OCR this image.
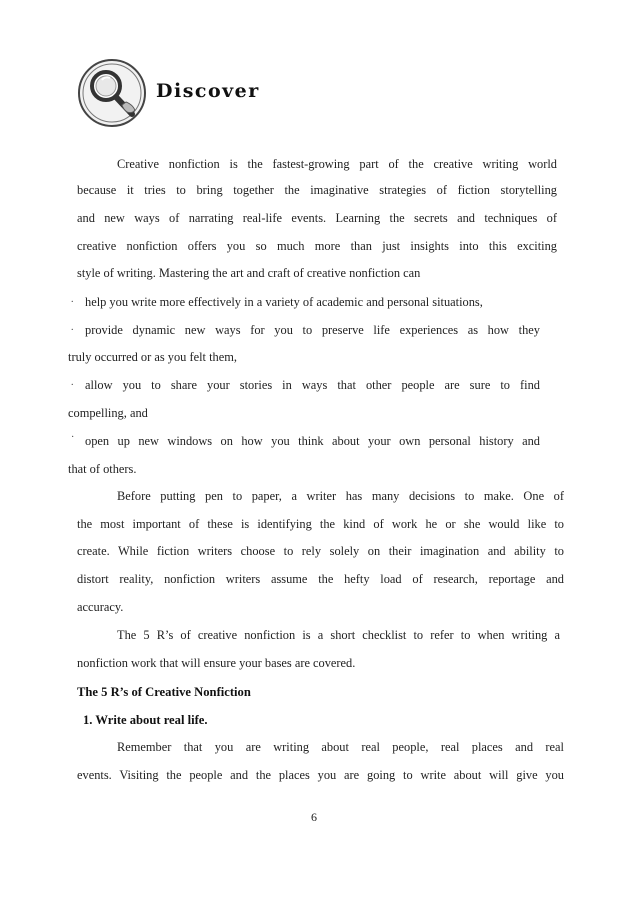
Discover
Creative nonfiction is the fastest-growing part of the creative writing world
because it tries to bring together the imaginative strategies of fiction storytelling
and new ways of narrating real-life events. Learning the secrets and techniques of
creative nonfiction offers you so much more than just insights into this exciting
style of writing. Mastering the art and craft of creative nonfiction can
. help you write more effectively in a variety of academic and personal situations,
. provide dynamic new ways for you to preserve life experiences as how they
truly occurred or as you felt them,
. allow you to share your stories in ways that other people are sure to find
compelling, and
· open up new windows on how you think about your own personal history and
that of others.
Before putting pen to paper, a writer has many decisions to make. One of
the most important of these is identifying the kind of work he or she would like to
create. While fiction writers choose to rely solely on their imagination and ability to
distort reality, nonfiction writers assume the hefty load of research, reportage and
accuracy.
The 5 R’s of creative nonfiction is a short checklist to refer to when writing a
nonfiction work that will ensure your bases are covered.
The 5 R’s of Creative Nonfiction
1. Write about real life.
Remember that you are writing about real people, real places and real
events. Visiting the people and the places you are going to write about will give you
6
